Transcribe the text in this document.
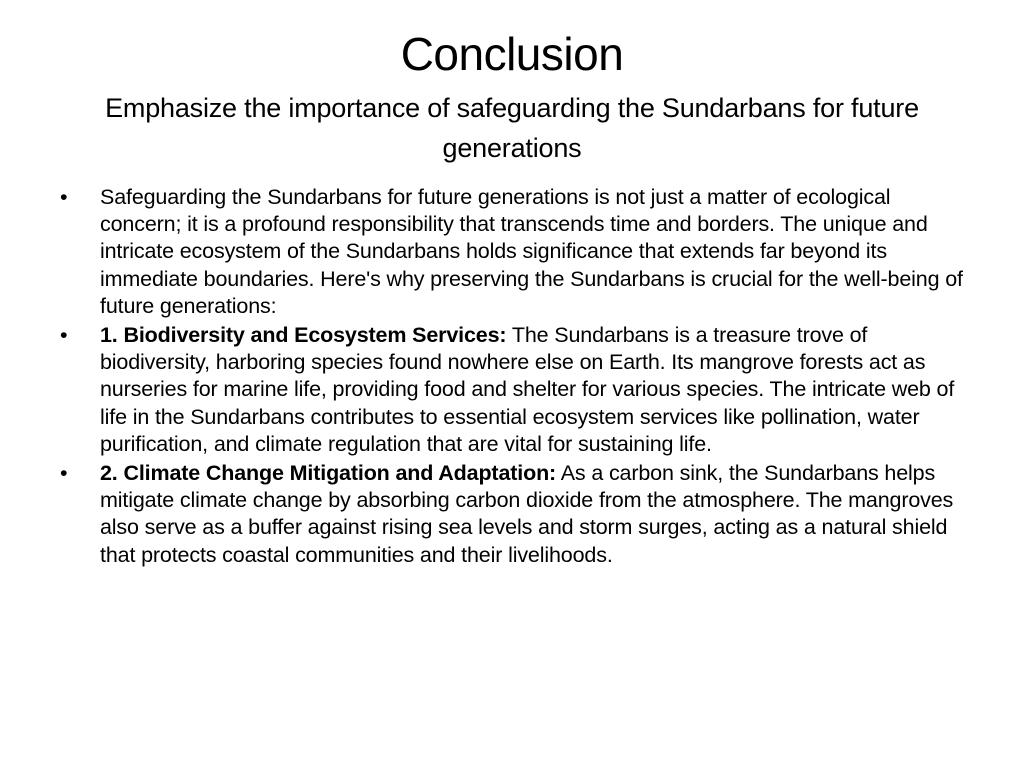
Conclusion
Emphasize the importance of safeguarding the Sundarbans for future generations
•	Safeguarding the Sundarbans for future generations is not just a matter of ecological concern; it is a profound responsibility that transcends time and borders. The unique and intricate ecosystem of the Sundarbans holds significance that extends far beyond its immediate boundaries. Here's why preserving the Sundarbans is crucial for the well-being of future generations:
•	1. Biodiversity and Ecosystem Services: The Sundarbans is a treasure trove of biodiversity, harboring species found nowhere else on Earth. Its mangrove forests act as nurseries for marine life, providing food and shelter for various species. The intricate web of life in the Sundarbans contributes to essential ecosystem services like pollination, water purification, and climate regulation that are vital for sustaining life.
•	2. Climate Change Mitigation and Adaptation: As a carbon sink, the Sundarbans helps mitigate climate change by absorbing carbon dioxide from the atmosphere. The mangroves also serve as a buffer against rising sea levels and storm surges, acting as a natural shield that protects coastal communities and their livelihoods.
